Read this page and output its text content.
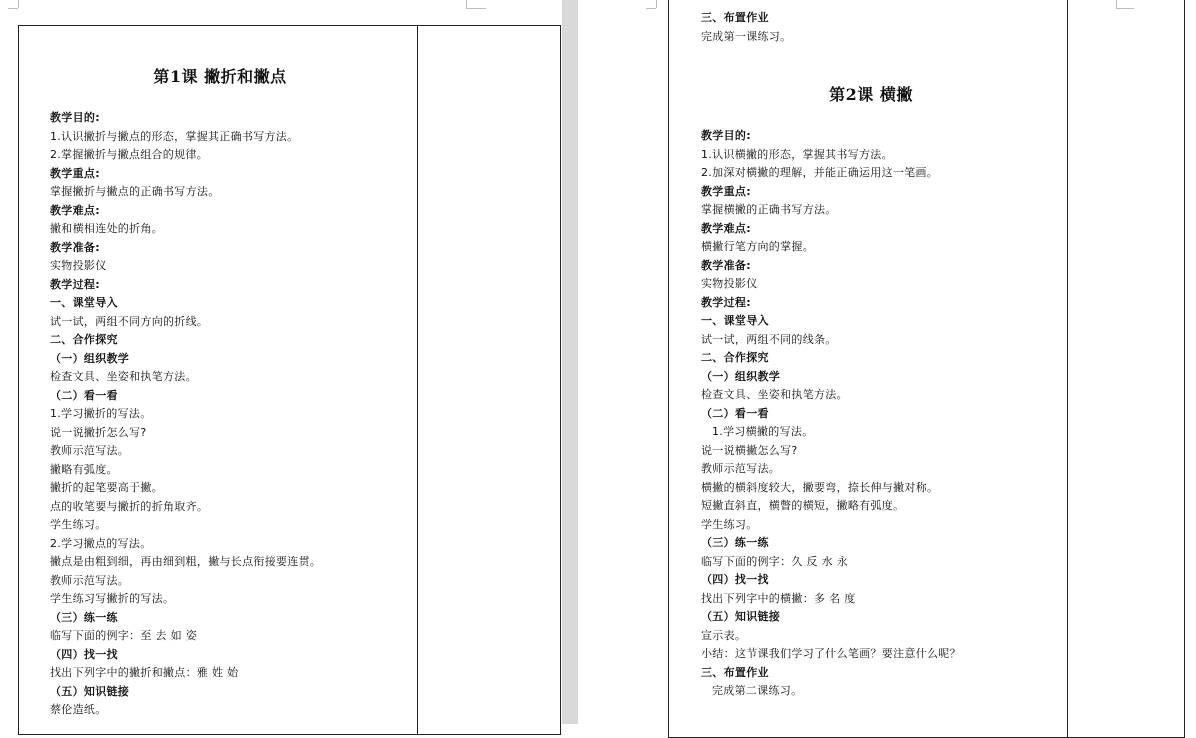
第1课 撇折和撇点
教学目的:
1.认识撇折与撇点的形态，掌握其正确书写方法。
2.掌握撇折与撇点组合的规律。
教学重点:
掌握撇折与撇点的正确书写方法。
教学难点:
撇和横相连处的折角。
教学准备:
实物投影仪
教学过程:
一、课堂导入
试一试，两组不同方向的折线。
二、合作探究
（一）组织教学
检查文具、坐姿和执笔方法。
（二）看一看
1.学习撇折的写法。
说一说撇折怎么写?
教师示范写法。
撇略有弧度。
撇折的起笔要高于撇。
点的收笔要与撇折的折角取齐。
学生练习。
2.学习撇点的写法。
撇点是由粗到细，再由细到粗，撇与长点衔接要连贯。
教师示范写法。
学生练习写撇折的写法。
（三）练一练
临写下面的例字：至 去 如 姿
（四）找一找
找出下列字中的撇折和撇点：雅 姓 始
（五）知识链接
蔡伦造纸。
三、布置作业
完成第一课练习。
第2课 横撇
教学目的:
1.认识横撇的形态，掌握其书写方法。
2.加深对横撇的理解，并能正确运用这一笔画。
教学重点:
掌握横撇的正确书写方法。
教学难点:
横撇行笔方向的掌握。
教学准备:
实物投影仪
教学过程:
一、课堂导入
试一试，两组不同的线条。
二、合作探究
（一）组织教学
检查文具、坐姿和执笔方法。
（二）看一看
1.学习横撇的写法。
说一说横撇怎么写?
教师示范写法。
横撇的横斜度较大，撇要弯，捺长伸与撇对称。
短撇直斜直，横瞥的横短，撇略有弧度。
学生练习。
（三）练一练
临写下面的例字：久 反 水 永
（四）找一找
找出下列字中的横撇：多 名 度
（五）知识链接
宣示表。
小结：这节课我们学习了什么笔画？要注意什么呢？
三、布置作业
完成第二课练习。
